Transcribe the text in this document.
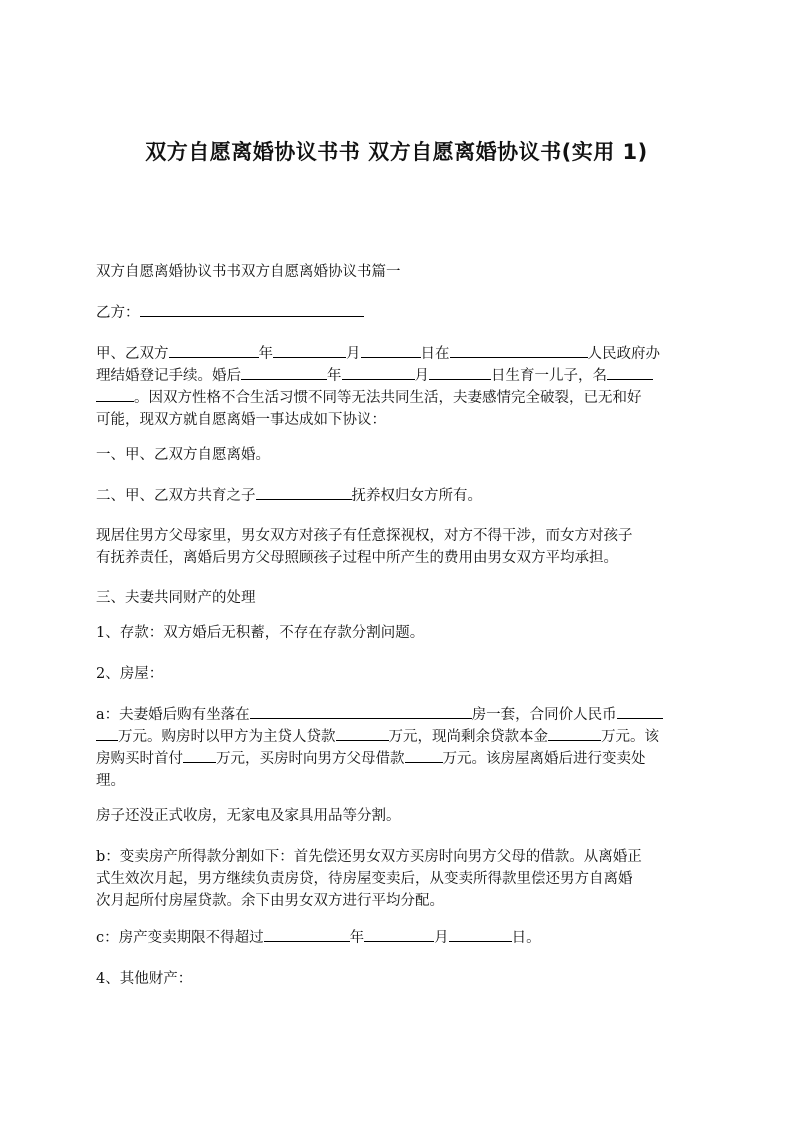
双方自愿离婚协议书书 双方自愿离婚协议书(实用 1)

双方自愿离婚协议书书双方自愿离婚协议书篇一

乙方：

甲、乙双方	年	月	日在	人民政府办
理结婚登记手续。婚后	年	月	日生育一儿子，名
。因双方性格不合生活习惯不同等无法共同生活，夫妻感情完全破裂，已无和好
可能，现双方就自愿离婚一事达成如下协议：

一、甲、乙双方自愿离婚。

二、甲、乙双方共育之子	抚养权归女方所有。

现居住男方父母家里，男女双方对孩子有任意探视权，对方不得干涉，而女方对孩子
有抚养责任，离婚后男方父母照顾孩子过程中所产生的费用由男女双方平均承担。

三、夫妻共同财产的处理

1、存款：双方婚后无积蓄，不存在存款分割问题。

2、房屋：

a：夫妻婚后购有坐落在	房一套，合同价人民币
万元。购房时以甲方为主贷人贷款	万元，现尚剩余贷款本金	万元。该
房购买时首付 万元，买房时向男方父母借款	万元。该房屋离婚后进行变卖处
理。

房子还没正式收房，无家电及家具用品等分割。

b：变卖房产所得款分割如下：首先偿还男女双方买房时向男方父母的借款。从离婚正
式生效次月起，男方继续负责房贷，待房屋变卖后，从变卖所得款里偿还男方自离婚
次月起所付房屋贷款。余下由男女双方进行平均分配。

c：房产变卖期限不得超过	年	月	日。

4、其他财产：
